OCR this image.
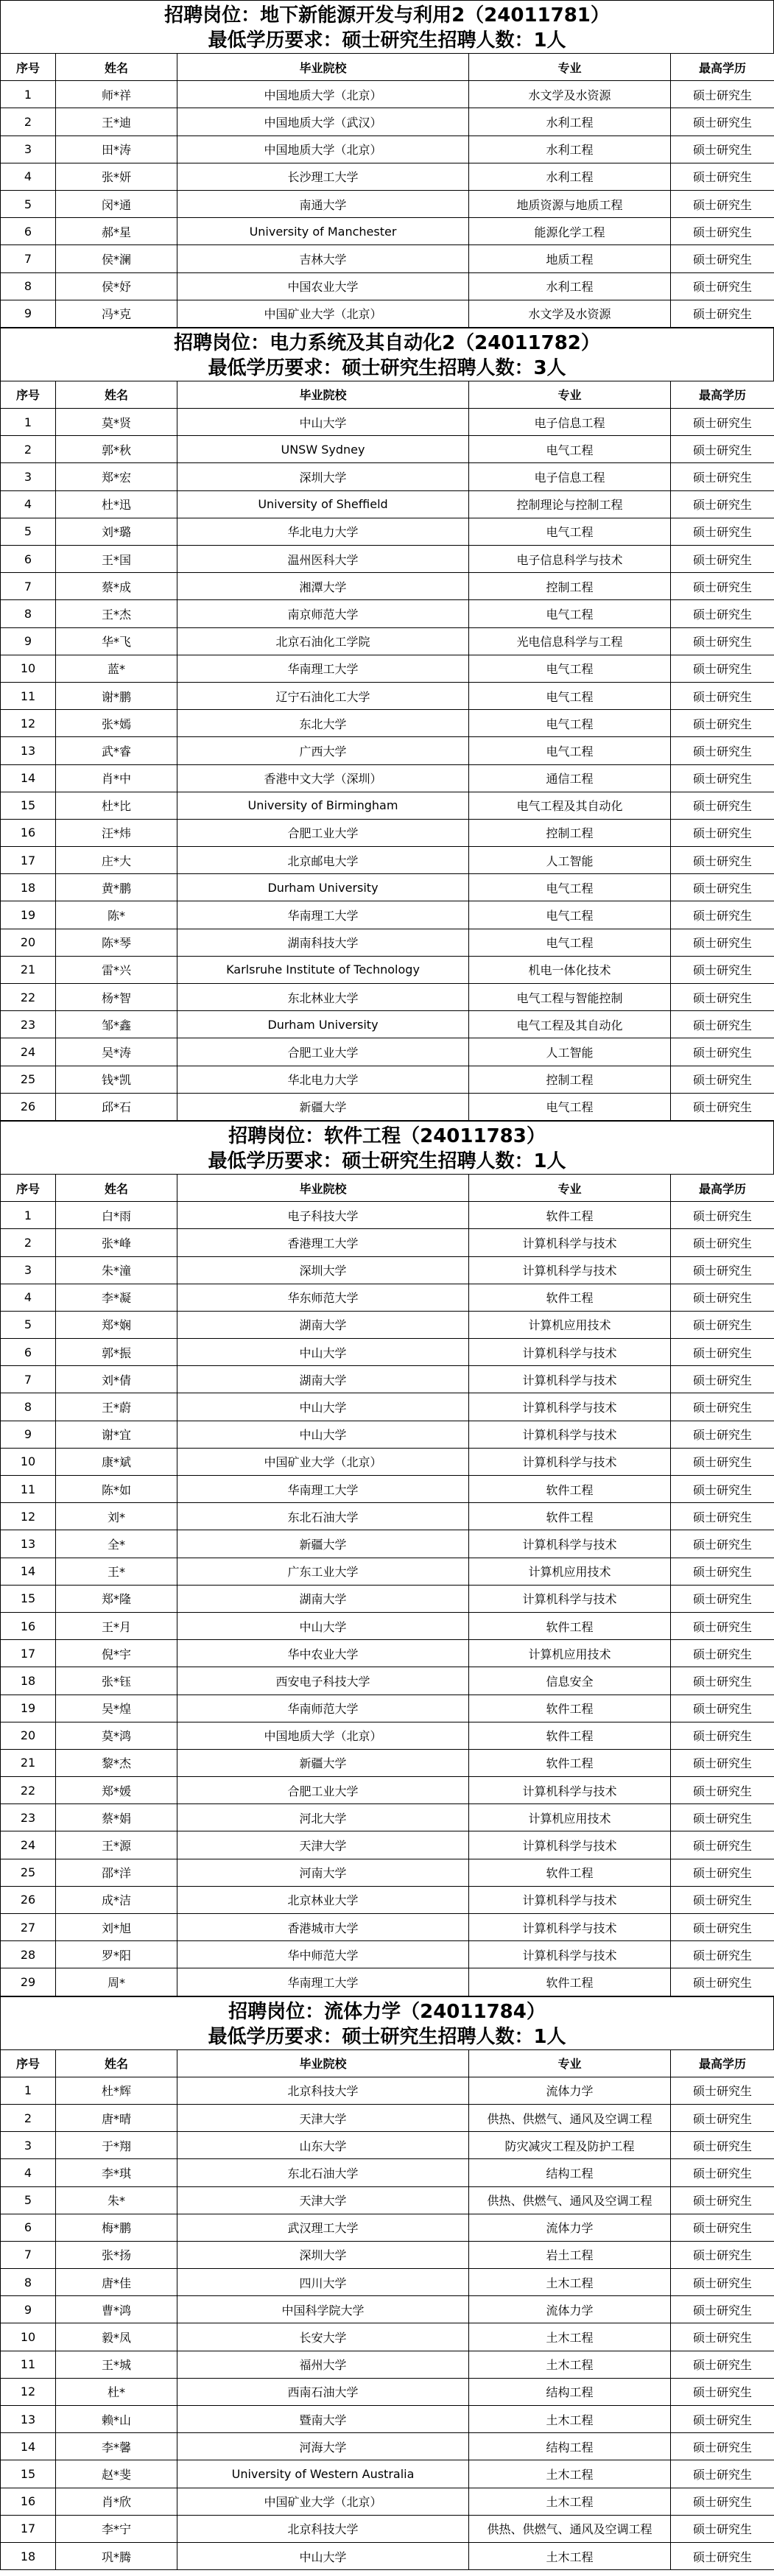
招聘岗位：地下新能源开发与利用2（24011781）
最低学历要求：硕士研究生招聘人数：1人
序号	姓名	毕业院校	专业	最高学历
1	师*祥	中国地质大学（北京）	水文学及水资源	硕士研究生
2	王*迪	中国地质大学（武汉）	水利工程	硕士研究生
3	田*涛	中国地质大学（北京）	水利工程	硕士研究生
4	张*妍	长沙理工大学	水利工程	硕士研究生
5	闵*通	南通大学	地质资源与地质工程	硕士研究生
6	郝*星	University of Manchester	能源化学工程	硕士研究生
7	侯*澜	吉林大学	地质工程	硕士研究生
8	侯*妤	中国农业大学	水利工程	硕士研究生
9	冯*克	中国矿业大学（北京）	水文学及水资源	硕士研究生
招聘岗位：电力系统及其自动化2（24011782）
最低学历要求：硕士研究生招聘人数：3人
序号	姓名	毕业院校	专业	最高学历
1	莫*贤	中山大学	电子信息工程	硕士研究生
2	郭*秋	UNSW Sydney	电气工程	硕士研究生
3	郑*宏	深圳大学	电子信息工程	硕士研究生
4	杜*迅	University of Sheffield	控制理论与控制工程	硕士研究生
5	刘*璐	华北电力大学	电气工程	硕士研究生
6	王*国	温州医科大学	电子信息科学与技术	硕士研究生
7	蔡*成	湘潭大学	控制工程	硕士研究生
8	王*杰	南京师范大学	电气工程	硕士研究生
9	华*飞	北京石油化工学院	光电信息科学与工程	硕士研究生
10	蓝*	华南理工大学	电气工程	硕士研究生
11	谢*鹏	辽宁石油化工大学	电气工程	硕士研究生
12	张*嫣	东北大学	电气工程	硕士研究生
13	武*睿	广西大学	电气工程	硕士研究生
14	肖*中	香港中文大学（深圳）	通信工程	硕士研究生
15	杜*比	University of Birmingham	电气工程及其自动化	硕士研究生
16	汪*炜	合肥工业大学	控制工程	硕士研究生
17	庄*大	北京邮电大学	人工智能	硕士研究生
18	黄*鹏	Durham University	电气工程	硕士研究生
19	陈*	华南理工大学	电气工程	硕士研究生
20	陈*琴	湖南科技大学	电气工程	硕士研究生
21	雷*兴	Karlsruhe Institute of Technology	机电一体化技术	硕士研究生
22	杨*智	东北林业大学	电气工程与智能控制	硕士研究生
23	邹*鑫	Durham University	电气工程及其自动化	硕士研究生
24	吴*涛	合肥工业大学	人工智能	硕士研究生
25	钱*凯	华北电力大学	控制工程	硕士研究生
26	邱*石	新疆大学	电气工程	硕士研究生
招聘岗位：软件工程（24011783）
最低学历要求：硕士研究生招聘人数：1人
序号	姓名	毕业院校	专业	最高学历
1	白*雨	电子科技大学	软件工程	硕士研究生
2	张*峰	香港理工大学	计算机科学与技术	硕士研究生
3	朱*潼	深圳大学	计算机科学与技术	硕士研究生
4	李*凝	华东师范大学	软件工程	硕士研究生
5	郑*娴	湖南大学	计算机应用技术	硕士研究生
6	郭*振	中山大学	计算机科学与技术	硕士研究生
7	刘*倩	湖南大学	计算机科学与技术	硕士研究生
8	王*蔚	中山大学	计算机科学与技术	硕士研究生
9	谢*宜	中山大学	计算机科学与技术	硕士研究生
10	康*斌	中国矿业大学（北京）	计算机科学与技术	硕士研究生
11	陈*如	华南理工大学	软件工程	硕士研究生
12	刘*	东北石油大学	软件工程	硕士研究生
13	全*	新疆大学	计算机科学与技术	硕士研究生
14	王*	广东工业大学	计算机应用技术	硕士研究生
15	郑*隆	湖南大学	计算机科学与技术	硕士研究生
16	王*月	中山大学	软件工程	硕士研究生
17	倪*宇	华中农业大学	计算机应用技术	硕士研究生
18	张*钰	西安电子科技大学	信息安全	硕士研究生
19	吴*煌	华南师范大学	软件工程	硕士研究生
20	莫*鸿	中国地质大学（北京）	软件工程	硕士研究生
21	黎*杰	新疆大学	软件工程	硕士研究生
22	郑*媛	合肥工业大学	计算机科学与技术	硕士研究生
23	蔡*娟	河北大学	计算机应用技术	硕士研究生
24	王*源	天津大学	计算机科学与技术	硕士研究生
25	邵*洋	河南大学	软件工程	硕士研究生
26	成*洁	北京林业大学	计算机科学与技术	硕士研究生
27	刘*旭	香港城市大学	计算机科学与技术	硕士研究生
28	罗*阳	华中师范大学	计算机科学与技术	硕士研究生
29	周*	华南理工大学	软件工程	硕士研究生
招聘岗位：流体力学（24011784）
最低学历要求：硕士研究生招聘人数：1人
序号	姓名	毕业院校	专业	最高学历
1	杜*辉	北京科技大学	流体力学	硕士研究生
2	唐*晴	天津大学	供热、供燃气、通风及空调工程	硕士研究生
3	于*翔	山东大学	防灾减灾工程及防护工程	硕士研究生
4	李*琪	东北石油大学	结构工程	硕士研究生
5	朱*	天津大学	供热、供燃气、通风及空调工程	硕士研究生
6	梅*鹏	武汉理工大学	流体力学	硕士研究生
7	张*扬	深圳大学	岩土工程	硕士研究生
8	唐*佳	四川大学	土木工程	硕士研究生
9	曹*鸿	中国科学院大学	流体力学	硕士研究生
10	毅*凤	长安大学	土木工程	硕士研究生
11	王*城	福州大学	土木工程	硕士研究生
12	杜*	西南石油大学	结构工程	硕士研究生
13	赖*山	暨南大学	土木工程	硕士研究生
14	李*馨	河海大学	结构工程	硕士研究生
15	赵*斐	University of Western Australia	土木工程	硕士研究生
16	肖*欣	中国矿业大学（北京）	土木工程	硕士研究生
17	李*宁	北京科技大学	供热、供燃气、通风及空调工程	硕士研究生
18	巩*腾	中山大学	土木工程	硕士研究生
